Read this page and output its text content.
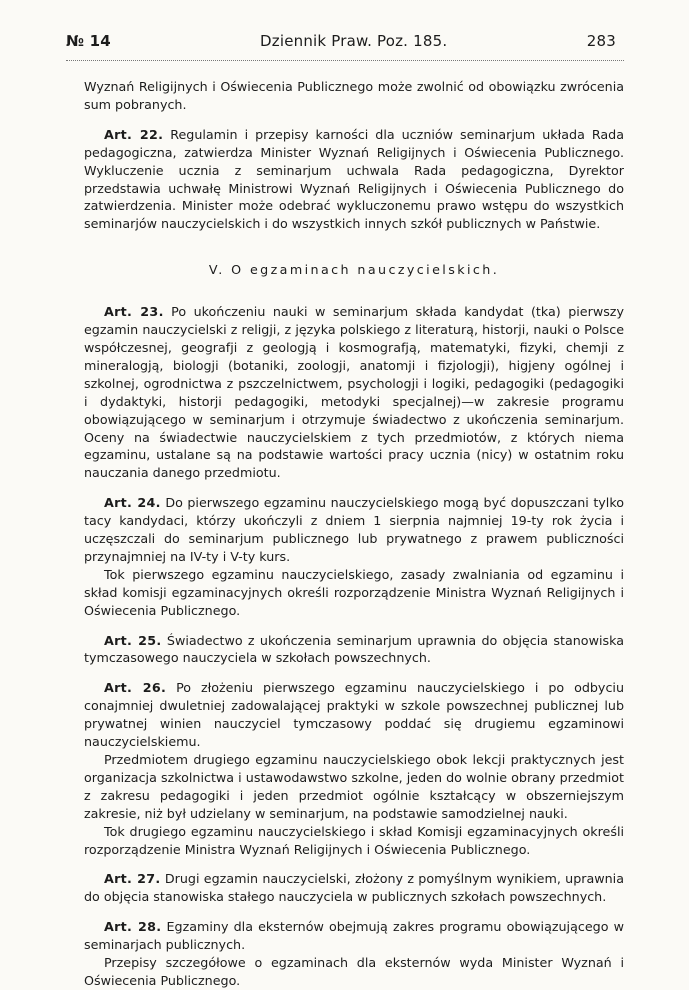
№ 14	Dziennik Praw. Poz. 185.	283

Wyznań Religijnych i Oświecenia Publicznego może zwolnić od obowiązku zwrócenia sum pobranych.

Art. 22. Regulamin i przepisy karności dla uczniów seminarjum układa Rada pedagogiczna, zatwierdza Minister Wyznań Religijnych i Oświecenia Publicznego. Wykluczenie ucznia z seminarjum uchwala Rada pedagogiczna, Dyrektor przedstawia uchwałę Ministrowi Wyznań Religijnych i Oświecenia Publicznego do zatwierdzenia. Minister może odebrać wykluczonemu prawo wstępu do wszystkich seminarjów nauczycielskich i do wszystkich innych szkół publicznych w Państwie.

V. O egzaminach nauczycielskich.

Art. 23. Po ukończeniu nauki w seminarjum składa kandydat (tka) pierwszy egzamin nauczycielski z religji, z języka polskiego z literaturą, historji, nauki o Polsce współczesnej, geografji z geologją i kosmografją, matematyki, fizyki, chemji z mineralogją, biologji (botaniki, zoologji, anatomji i fizjologji), higjeny ogólnej i szkolnej, ogrodnictwa z pszczelnictwem, psychologji i logiki, pedagogiki (pedagogiki i dydaktyki, historji pedagogiki, metodyki specjalnej)—w zakresie programu obowiązującego w seminarjum i otrzymuje świadectwo z ukończenia seminarjum. Oceny na świadectwie nauczycielskiem z tych przedmiotów, z których niema egzaminu, ustalane są na podstawie wartości pracy ucznia (nicy) w ostatnim roku nauczania danego przedmiotu.

Art. 24. Do pierwszego egzaminu nauczycielskiego mogą być dopuszczani tylko tacy kandydaci, którzy ukończyli z dniem 1 sierpnia najmniej 19-ty rok życia i uczęszczali do seminarjum publicznego lub prywatnego z prawem publiczności przynajmniej na IV-ty i V-ty kurs.

Tok pierwszego egzaminu nauczycielskiego, zasady zwalniania od egzaminu i skład komisji egzaminacyjnych określi rozporządzenie Ministra Wyznań Religijnych i Oświecenia Publicznego.

Art. 25. Świadectwo z ukończenia seminarjum uprawnia do objęcia stanowiska tymczasowego nauczyciela w szkołach powszechnych.

Art. 26. Po złożeniu pierwszego egzaminu nauczycielskiego i po odbyciu conajmniej dwuletniej zadowalającej praktyki w szkole powszechnej publicznej lub prywatnej winien nauczyciel tymczasowy poddać się drugiemu egzaminowi nauczycielskiemu.

Przedmiotem drugiego egzaminu nauczycielskiego obok lekcji praktycznych jest organizacja szkolnictwa i ustawodawstwo szkolne, jeden do wolnie obrany przedmiot z zakresu pedagogiki i jeden przedmiot ogólnie kształcący w obszerniejszym zakresie, niż był udzielany w seminarjum, na podstawie samodzielnej nauki.

Tok drugiego egzaminu nauczycielskiego i skład Komisji egzaminacyjnych określi rozporządzenie Ministra Wyznań Religijnych i Oświecenia Publicznego.

Art. 27. Drugi egzamin nauczycielski, złożony z pomyślnym wynikiem, uprawnia do objęcia stanowiska stałego nauczyciela w publicznych szkołach powszechnych.

Art. 28. Egzaminy dla eksternów obejmują zakres programu obowiązującego w seminarjach publicznych.

Przepisy szczegółowe o egzaminach dla eksternów wyda Minister Wyznań i Oświecenia Publicznego.
